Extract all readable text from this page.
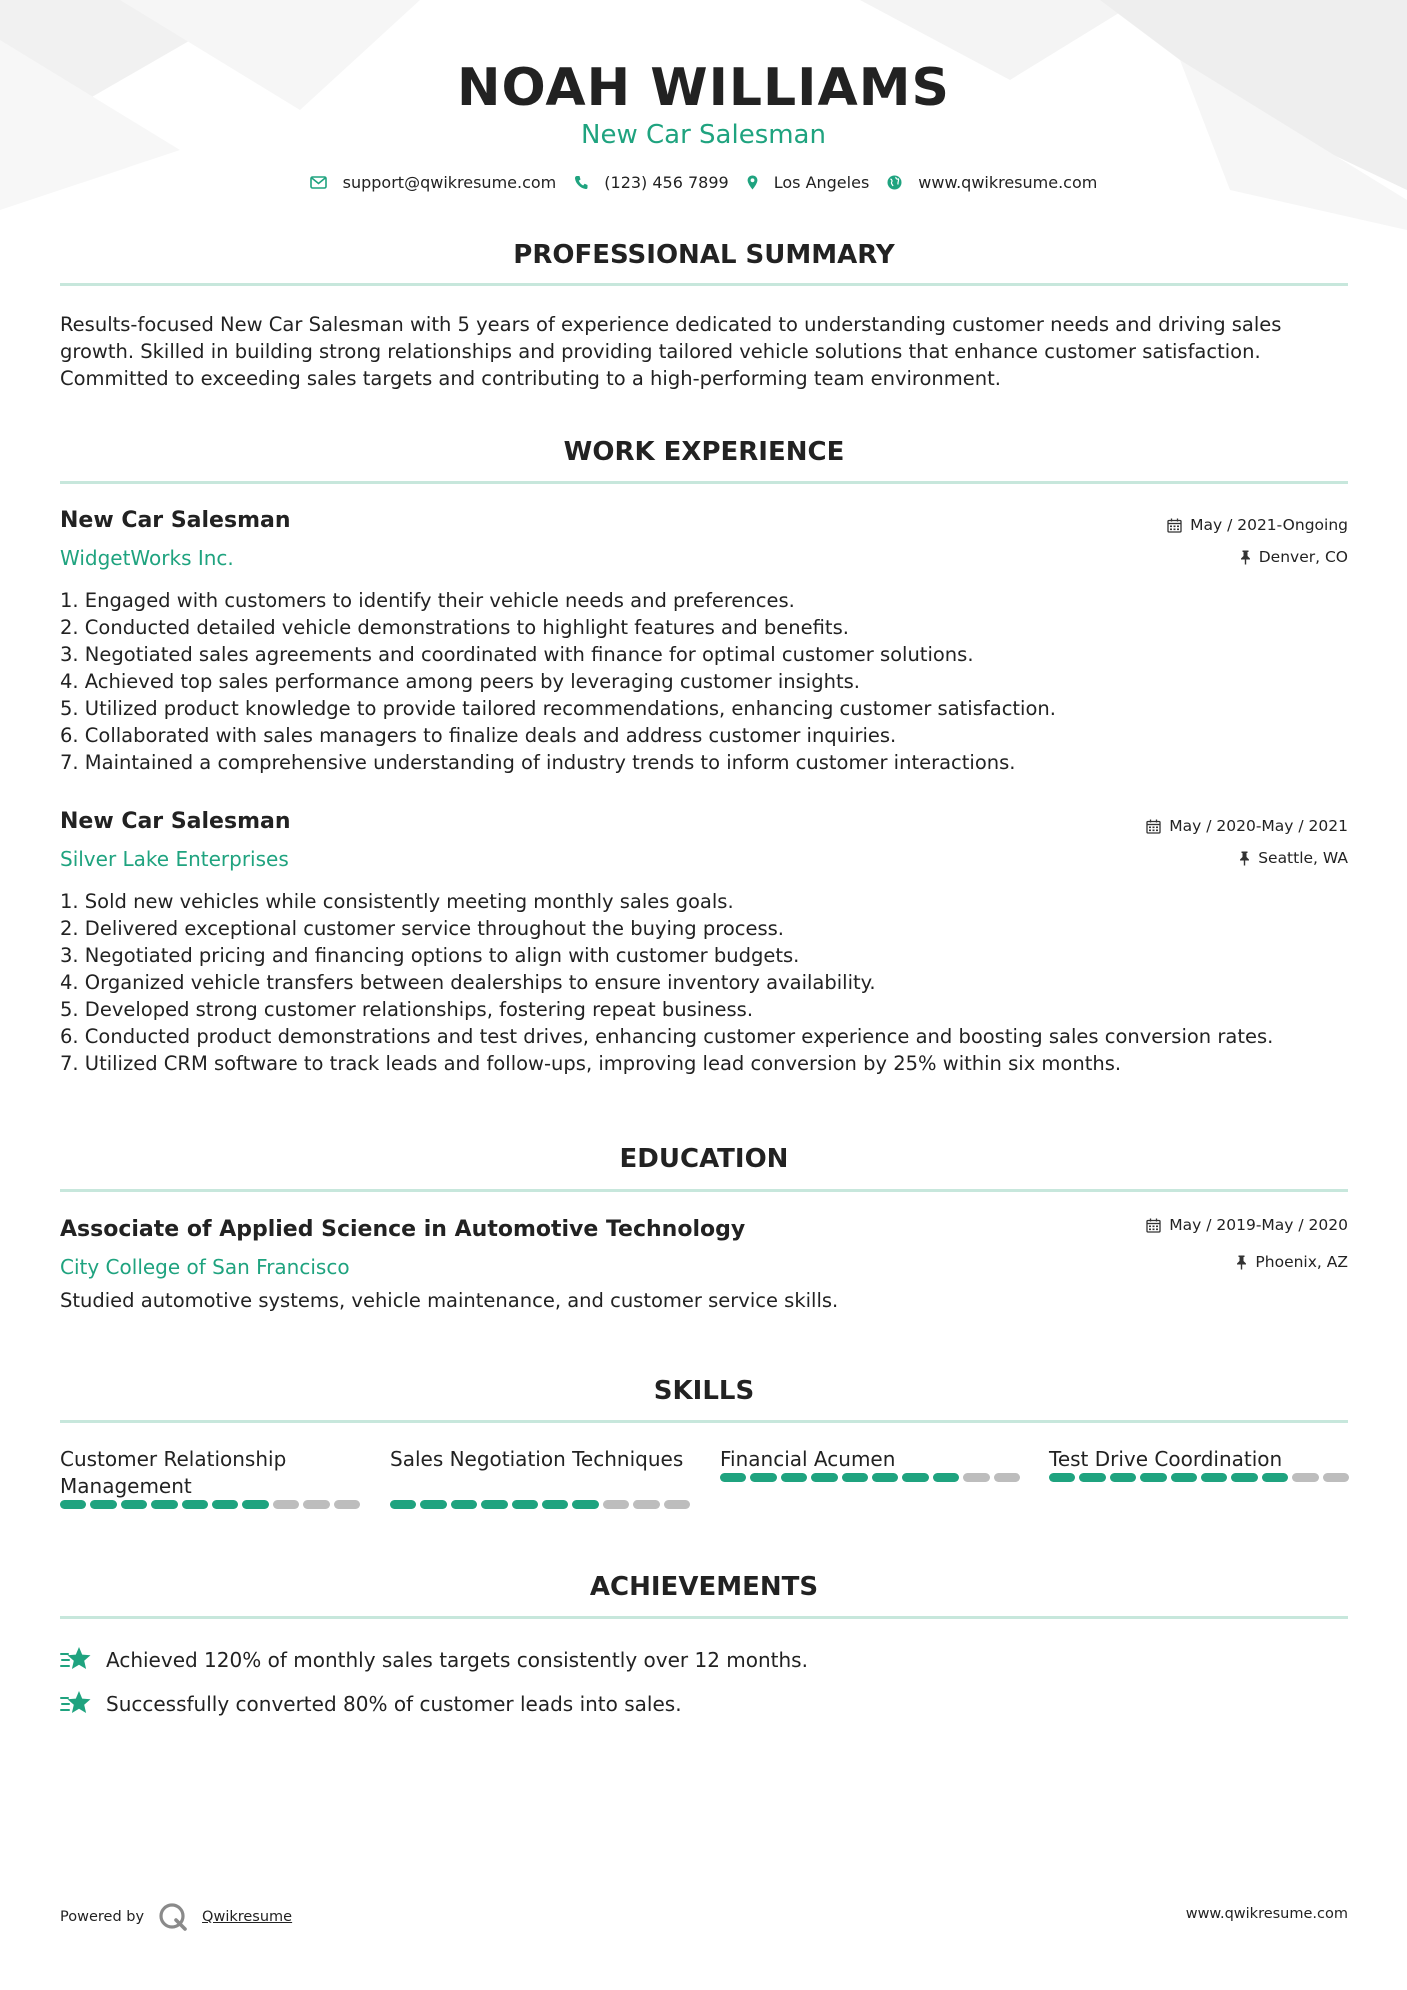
NOAH WILLIAMS
New Car Salesman
support@qwikresume.com	(123) 456 7899	Los Angeles	www.qwikresume.com
PROFESSIONAL SUMMARY
Results-focused New Car Salesman with 5 years of experience dedicated to understanding customer needs and driving sales growth. Skilled in building strong relationships and providing tailored vehicle solutions that enhance customer satisfaction. Committed to exceeding sales targets and contributing to a high-performing team environment.
WORK EXPERIENCE
New Car Salesman
WidgetWorks Inc.
May / 2021-Ongoing
Denver, CO
1. Engaged with customers to identify their vehicle needs and preferences.
2. Conducted detailed vehicle demonstrations to highlight features and benefits.
3. Negotiated sales agreements and coordinated with finance for optimal customer solutions.
4. Achieved top sales performance among peers by leveraging customer insights.
5. Utilized product knowledge to provide tailored recommendations, enhancing customer satisfaction.
6. Collaborated with sales managers to finalize deals and address customer inquiries.
7. Maintained a comprehensive understanding of industry trends to inform customer interactions.
New Car Salesman
Silver Lake Enterprises
May / 2020-May / 2021
Seattle, WA
1. Sold new vehicles while consistently meeting monthly sales goals.
2. Delivered exceptional customer service throughout the buying process.
3. Negotiated pricing and financing options to align with customer budgets.
4. Organized vehicle transfers between dealerships to ensure inventory availability.
5. Developed strong customer relationships, fostering repeat business.
6. Conducted product demonstrations and test drives, enhancing customer experience and boosting sales conversion rates.
7. Utilized CRM software to track leads and follow-ups, improving lead conversion by 25% within six months.
EDUCATION
Associate of Applied Science in Automotive Technology
City College of San Francisco
May / 2019-May / 2020
Phoenix, AZ
Studied automotive systems, vehicle maintenance, and customer service skills.
SKILLS
Customer Relationship Management
Sales Negotiation Techniques	Financial Acumen	Test Drive Coordination
ACHIEVEMENTS
Achieved 120% of monthly sales targets consistently over 12 months.
Successfully converted 80% of customer leads into sales.
Powered by	Qwikresume	www.qwikresume.com
